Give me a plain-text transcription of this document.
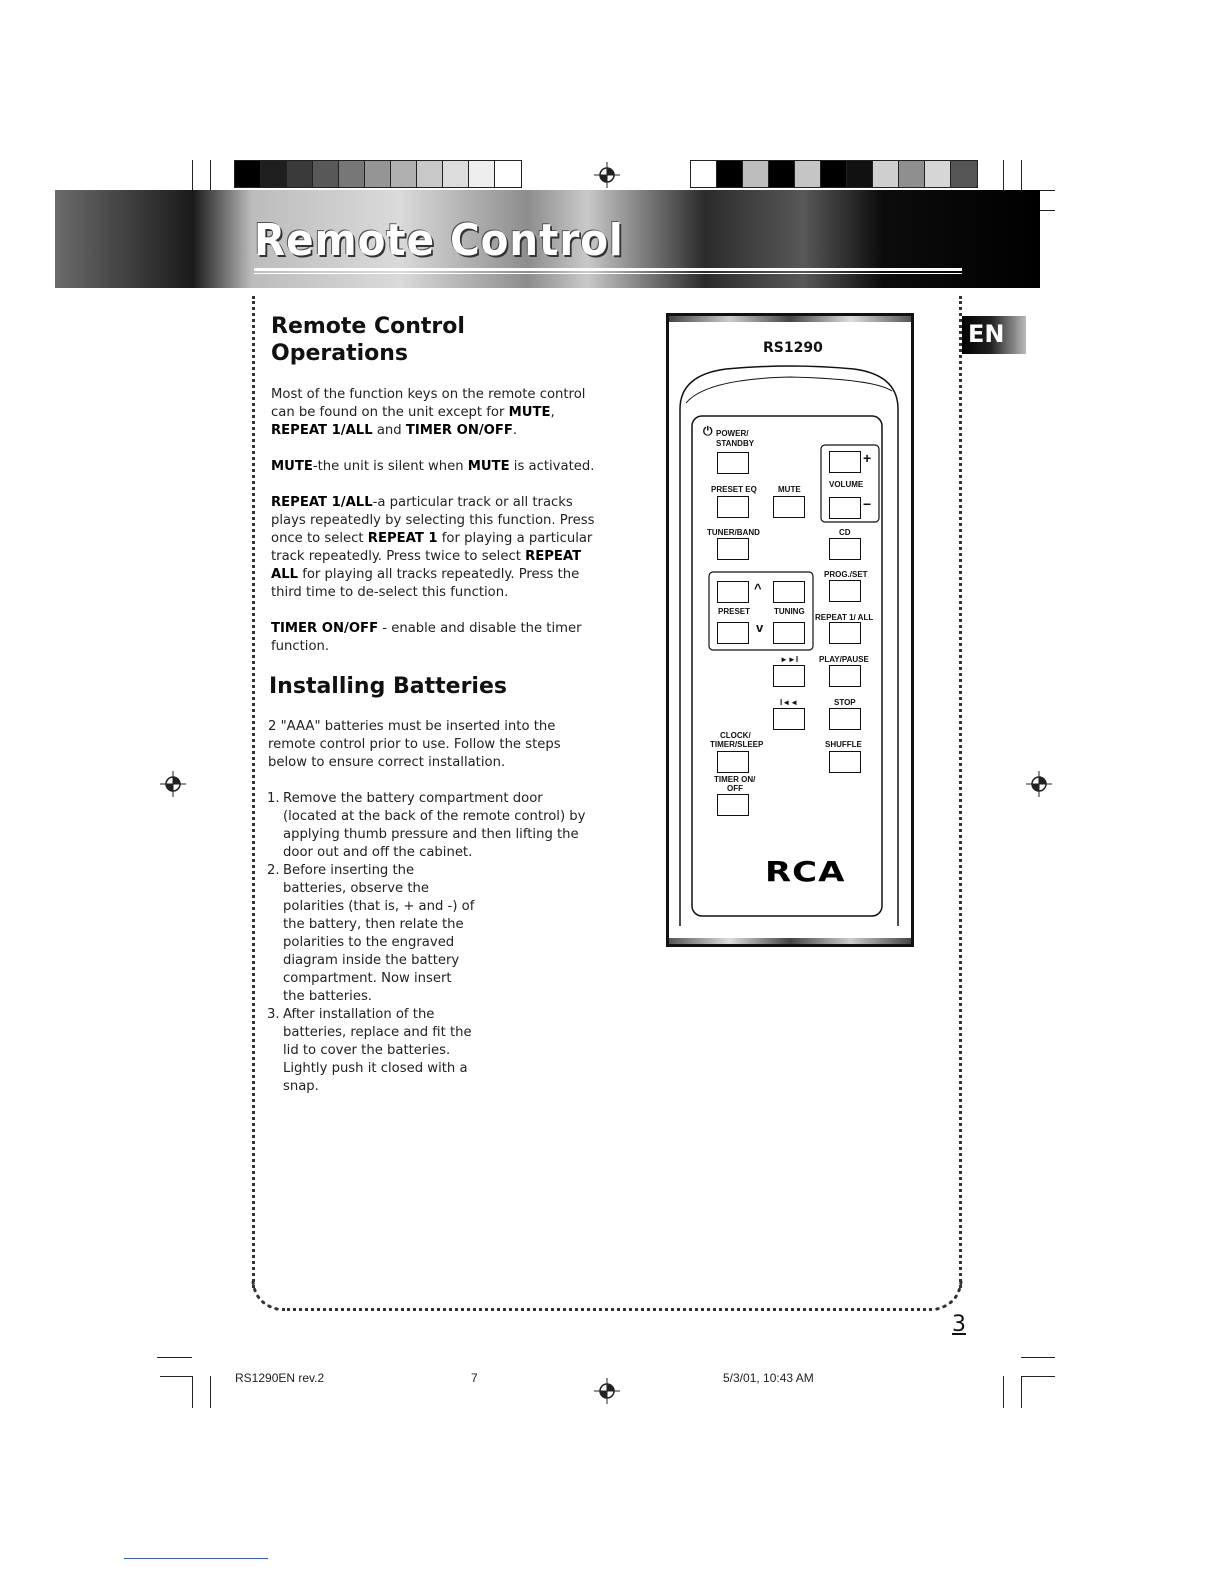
Remote Control
EN
Remote Control
Operations

Most of the function keys on the remote control
can be found on the unit except for MUTE,
REPEAT 1/ALL and TIMER ON/OFF.

MUTE-the unit is silent when MUTE is activated.

REPEAT 1/ALL-a particular track or all tracks
plays repeatedly by selecting this function. Press
once to select REPEAT 1 for playing a particular
track repeatedly. Press twice to select REPEAT
ALL for playing all tracks repeatedly. Press the
third time to de-select this function.

TIMER ON/OFF - enable and disable the timer
function.

Installing Batteries

2 "AAA" batteries must be inserted into the
remote control prior to use. Follow the steps
below to ensure correct installation.

1. Remove the battery compartment door
(located at the back of the remote control) by
applying thumb pressure and then lifting the
door out and off the cabinet.
2. Before inserting the
batteries, observe the
polarities (that is, + and -) of
the battery, then relate the
polarities to the engraved
diagram inside the battery
compartment. Now insert
the batteries.
3. After installation of the
batteries, replace and fit the
lid to cover the batteries.
Lightly push it closed with a
snap.
RS1290
⏻ POWER/
STANDBY
+
VOLUME
−
PRESET EQ	MUTE
TUNER/BAND	CD
PROG./SET
^
PRESET	TUNING
REPEAT 1/ ALL
v
►►I	PLAY/PAUSE
I◄◄	STOP
CLOCK/
TIMER/SLEEP	SHUFFLE
TIMER ON/
OFF
RCA
3
RS1290EN rev.2	7	5/3/01, 10:43 AM
